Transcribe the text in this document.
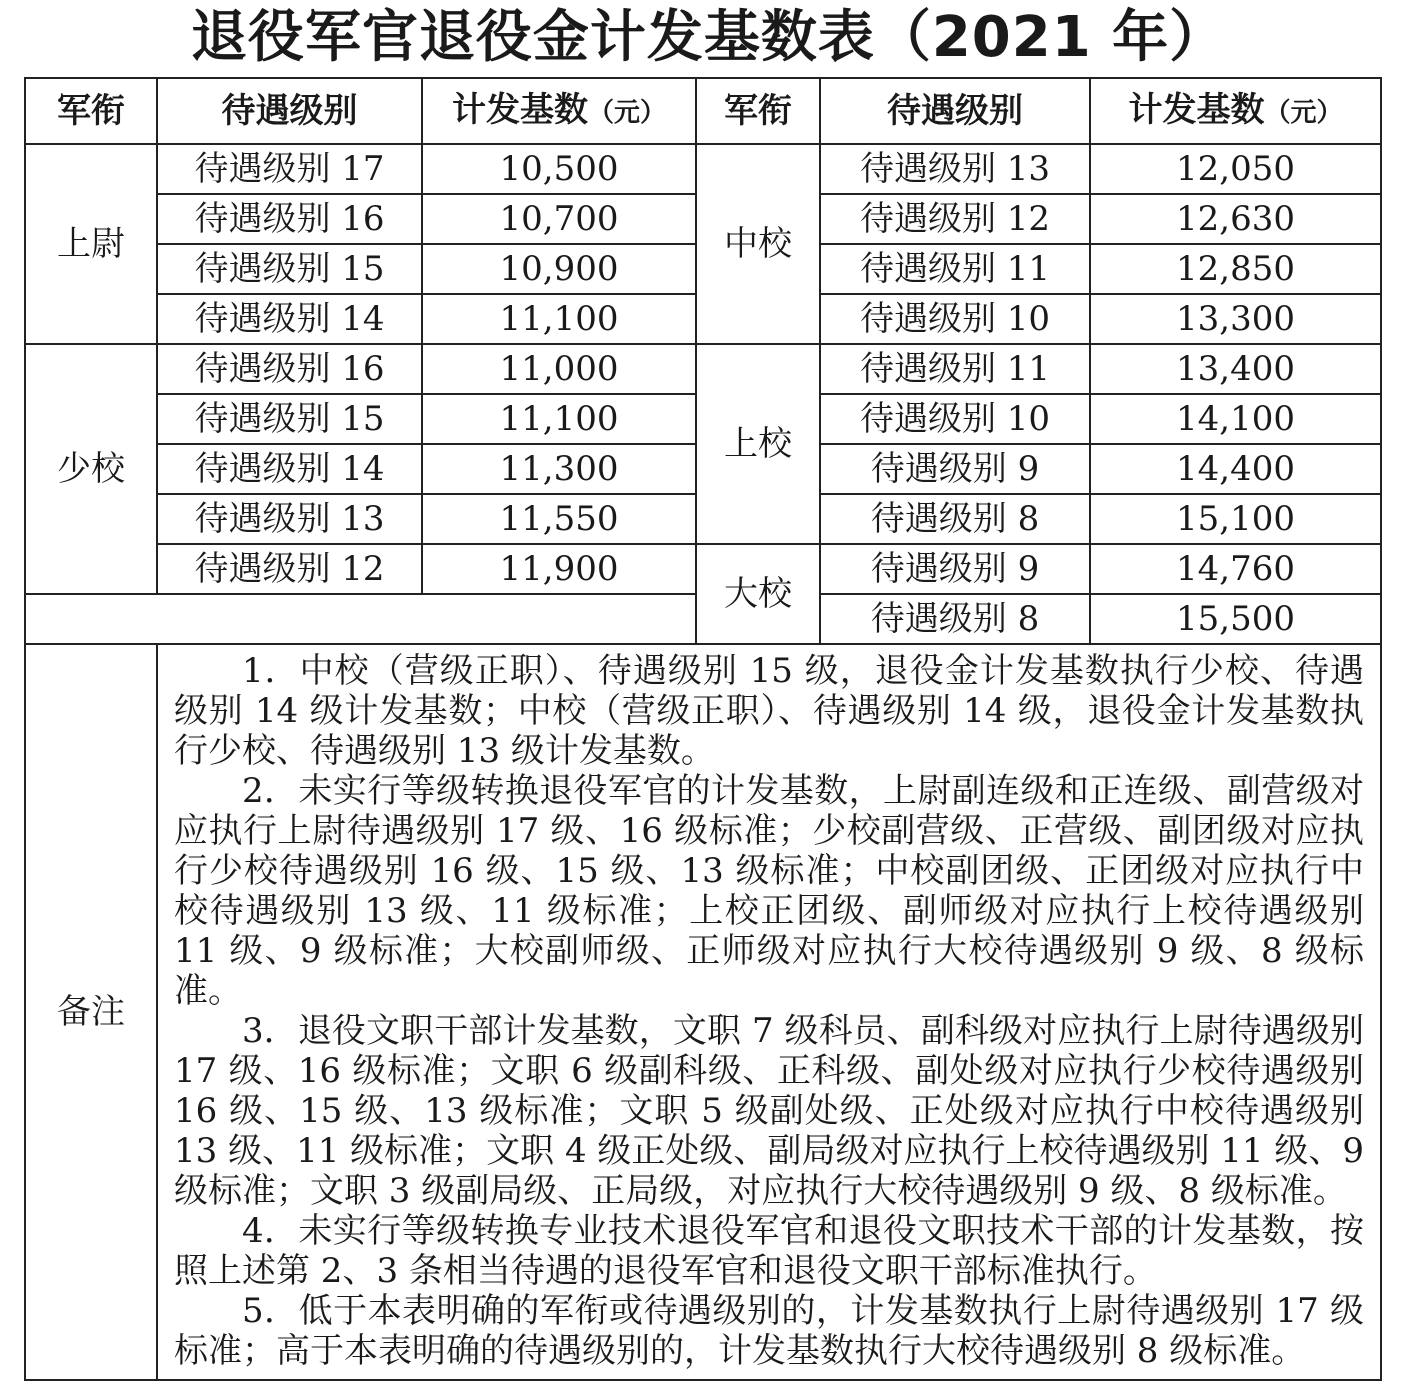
退役军官退役金计发基数表（2021 年）
军衔	待遇级别	计发基数（元）	军衔	待遇级别	计发基数（元）
上尉	待遇级别 17	10,500	中校	待遇级别 13	12,050
	待遇级别 16	10,700		待遇级别 12	12,630
	待遇级别 15	10,900		待遇级别 11	12,850
	待遇级别 14	11,100		待遇级别 10	13,300
少校	待遇级别 16	11,000	上校	待遇级别 11	13,400
	待遇级别 15	11,100		待遇级别 10	14,100
	待遇级别 14	11,300		待遇级别 9	14,400
	待遇级别 13	11,550		待遇级别 8	15,100
	待遇级别 12	11,900	大校	待遇级别 9	14,760
				待遇级别 8	15,500
备注	1．中校（营级正职）、待遇级别 15 级，退役金计发基数执行少校、待遇级别 14 级计发基数；中校（营级正职）、待遇级别 14 级，退役金计发基数执行少校、待遇级别 13 级计发基数。

2．未实行等级转换退役军官的计发基数，上尉副连级和正连级、副营级对应执行上尉待遇级别 17 级、16 级标准；少校副营级、正营级、副团级对应执行少校待遇级别 16 级、15 级、13 级标准；中校副团级、正团级对应执行中校待遇级别 13 级、11 级标准；上校正团级、副师级对应执行上校待遇级别 11 级、9 级标准；大校副师级、正师级对应执行大校待遇级别 9 级、8 级标准。

3．退役文职干部计发基数，文职 7 级科员、副科级对应执行上尉待遇级别 17 级、16 级标准；文职 6 级副科级、正科级、副处级对应执行少校待遇级别 16 级、15 级、13 级标准；文职 5 级副处级、正处级对应执行中校待遇级别 13 级、11 级标准；文职 4 级正处级、副局级对应执行上校待遇级别 11 级、9 级标准；文职 3 级副局级、正局级，对应执行大校待遇级别 9 级、8 级标准。

4．未实行等级转换专业技术退役军官和退役文职技术干部的计发基数，按照上述第 2、3 条相当待遇的退役军官和退役文职干部标准执行。

5．低于本表明确的军衔或待遇级别的，计发基数执行上尉待遇级别 17 级标准；高于本表明确的待遇级别的，计发基数执行大校待遇级别 8 级标准。				
